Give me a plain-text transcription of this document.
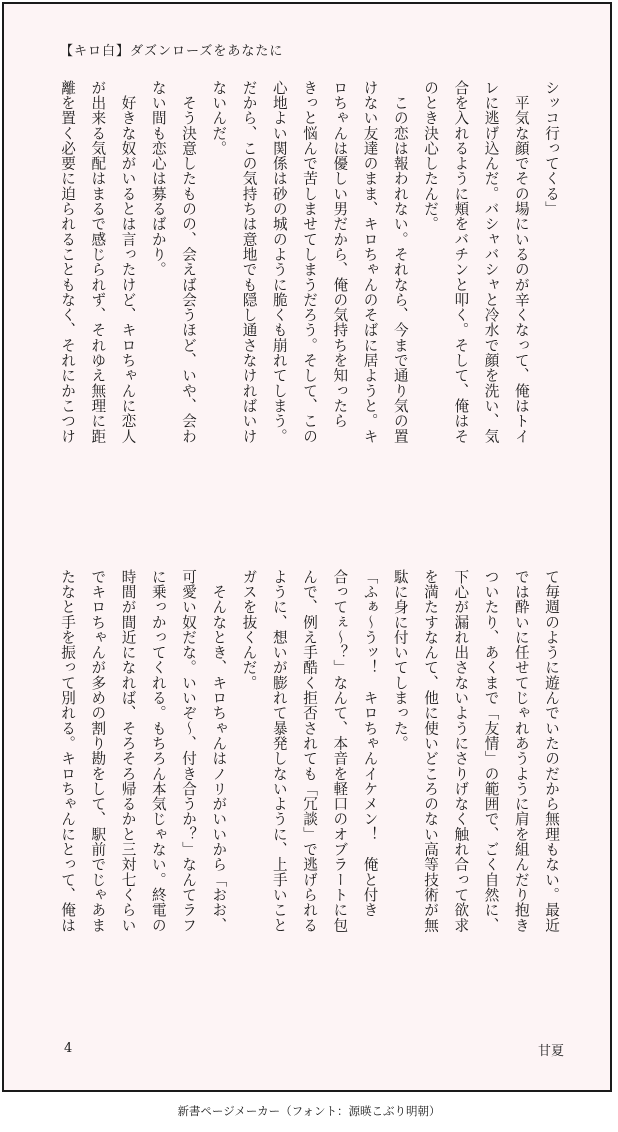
【キロ白】ダズンローズをあなたに
シッコ行ってくる」
　平気な顔でその場にいるのが辛くなって、俺はトイ
レに逃げ込んだ。バシャバシャと冷水で顔を洗い、気
合を入れるように頬をバチンと叩く。そして、俺はそ
のとき決心したんだ。
　この恋は報われない。それなら、今まで通り気の置
けない友達のまま、キロちゃんのそばに居ようと。キ
ロちゃんは優しい男だから、俺の気持ちを知ったら
きっと悩んで苦しませてしまうだろう。そして、この
心地よい関係は砂の城のように脆くも崩れてしまう。
だから、この気持ちは意地でも隠し通さなければいけ
ないんだ。
　そう決意したものの、会えば会うほど、いや、会わ
ない間も恋心は募るばかり。
　好きな奴がいるとは言ったけど、キロちゃんに恋人
が出来る気配はまるで感じられず、それゆえ無理に距
離を置く必要に迫られることもなく、それにかこつけ
て毎週のように遊んでいたのだから無理もない。最近
では酔いに任せてじゃれあうように肩を組んだり抱き
ついたり、あくまで「友情」の範囲で、ごく自然に、
下心が漏れ出さないようにさりげなく触れ合って欲求
を満たすなんて、他に使いどころのない高等技術が無
駄に身に付いてしまった。
「ふぁ〜うッ！　キロちゃんイケメン！　俺と付き
合ってぇ〜？」なんて、本音を軽口のオブラートに包
んで、例え手酷く拒否されても「冗談」で逃げられる
ように、想いが膨れて暴発しないように、上手いこと
ガスを抜くんだ。
　そんなとき、キロちゃんはノリがいいから「おお、
可愛い奴だな。いいぞ〜、付き合うか？」なんてラフ
に乗っかってくれる。もちろん本気じゃない。終電の
時間が間近になれば、そろそろ帰るかと三対七くらい
でキロちゃんが多めの割り勘をして、駅前でじゃあま
たなと手を振って別れる。キロちゃんにとって、俺は
4	甘夏
新書ページメーカー（フォント：源暎こぶり明朝）
